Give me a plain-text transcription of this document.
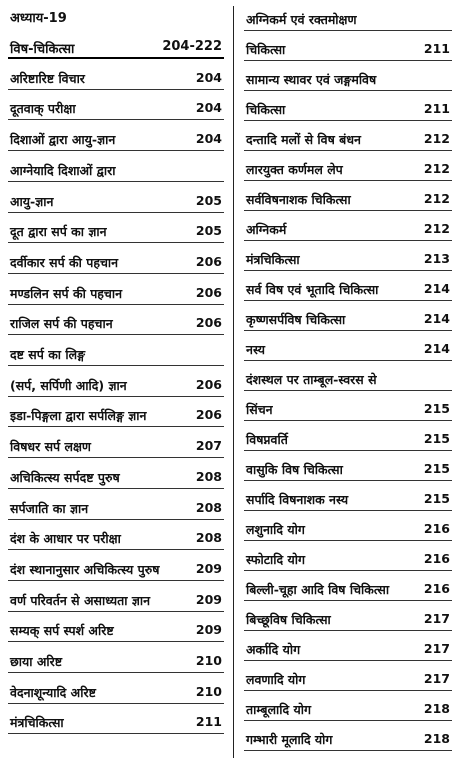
अध्याय-19
विष-चिकित्सा	204-222
अरिष्टारिष्ट विचार	204
दूतवाक् परीक्षा	204
दिशाओं द्वारा आयु-ज्ञान	204
आग्नेयादि दिशाओं द्वारा
आयु-ज्ञान	205
दूत द्वारा सर्प का ज्ञान	205
दर्वीकार सर्प की पहचान	206
मण्डलिन सर्प की पहचान	206
राजिल सर्प की पहचान	206
दष्ट सर्प का लिङ्ग
(सर्प, सर्पिणी आदि) ज्ञान	206
इडा-पिङ्गला द्वारा सर्पलिङ्ग ज्ञान	206
विषधर सर्प लक्षण	207
अचिकित्स्य सर्पदष्ट पुरुष	208
सर्पजाति का ज्ञान	208
दंश के आधार पर परीक्षा	208
दंश स्थानानुसार अचिकित्स्य पुरुष	209
वर्ण परिवर्तन से असाध्यता ज्ञान	209
सम्यक् सर्प स्पर्श अरिष्ट	209
छाया अरिष्ट	210
वेदनाशून्यादि अरिष्ट	210
मंत्रचिकित्सा	211
अग्निकर्म एवं रक्तमोक्षण
चिकित्सा	211
सामान्य स्थावर एवं जङ्गमविष
चिकित्सा	211
दन्तादि मलों से विष बंधन	212
लारयुक्त कर्णमल लेप	212
सर्वविषनाशक चिकित्सा	212
अग्निकर्म	212
मंत्रचिकित्सा	213
सर्व विष एवं भूतादि चिकित्सा	214
कृष्णसर्पविष चिकित्सा	214
नस्य	214
दंशस्थल पर ताम्बूल-स्वरस से
सिंचन	215
विषप्नवर्ति	215
वासुकि विष चिकित्सा	215
सर्पादि विषनाशक नस्य	215
लशुनादि योग	216
स्फोटादि योग	216
बिल्ली-चूहा आदि विष चिकित्सा	216
बिच्छूविष चिकित्सा	217
अर्कादि योग	217
लवणादि योग	217
ताम्बूलादि योग	218
गम्भारी मूलादि योग	218
